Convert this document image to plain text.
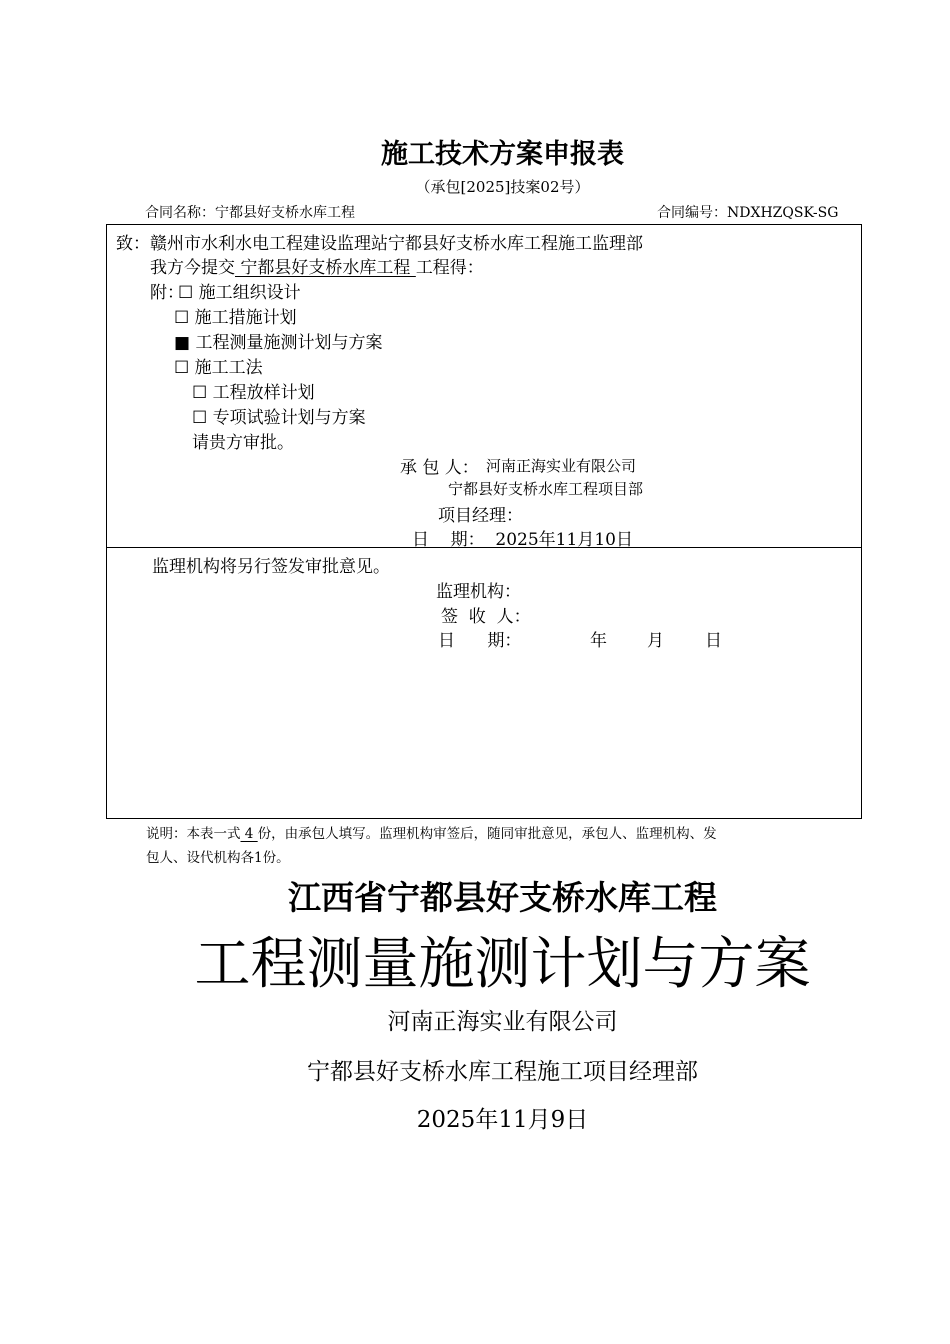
施工技术方案申报表
（承包[2025]技案02号）
合同名称：宁都县好支桥水库工程	合同编号：NDXHZQSK-SG
致：赣州市水利水电工程建设监理站宁都县好支桥水库工程施工监理部
我方今提交 宁都县好支桥水库工程 工程得：
附：
☐ 施工组织设计
☐ 施工措施计划
■ 工程测量施测计划与方案
☐ 施工工法
☐ 工程放样计划
☐ 专项试验计划与方案
请贵方审批。
承 包 人： 河南正海实业有限公司
宁都县好支桥水库工程项目部
项目经理：
日    期：  2025年11月10日
监理机构将另行签发审批意见。
监理机构：
签  收  人：
日      期：	年 月 日
说明：本表一式 4 份，由承包人填写。监理机构审签后，随同审批意见，承包人、监理机构、发
包人、设代机构各1份。
江西省宁都县好支桥水库工程
工程测量施测计划与方案
河南正海实业有限公司
宁都县好支桥水库工程施工项目经理部
2025年11月9日
